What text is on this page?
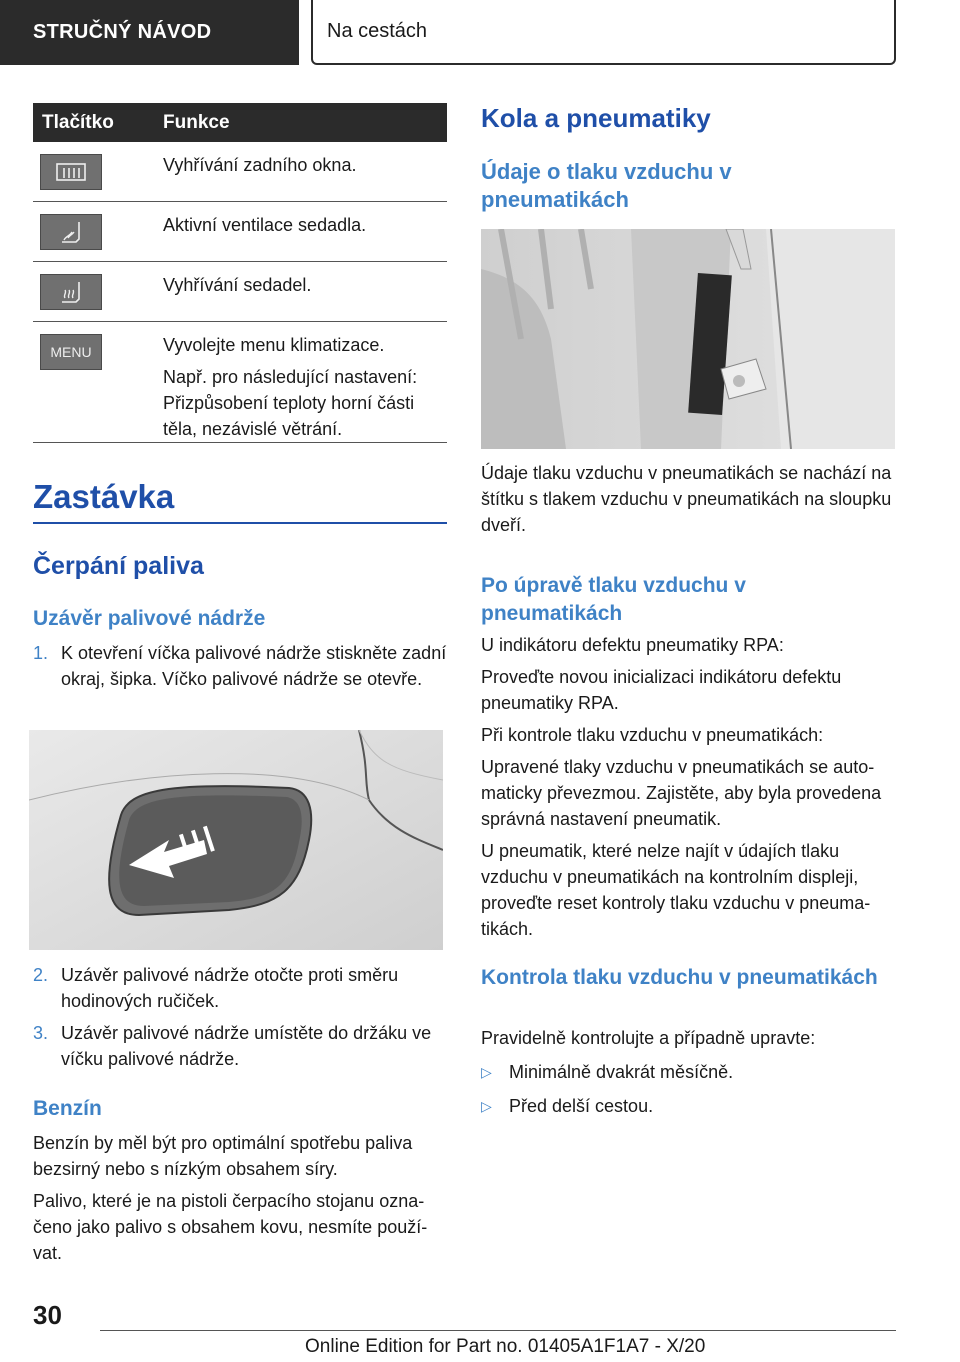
STRUČNÝ NÁVOD	Na cestách
Tlačítko	Funkce

Vyhřívání zadního okna.

Aktivní ventilace sedadla.

Vyhřívání sedadel.

MENU	Vyvolejte menu klimatizace.

Např. pro následující nastavení: Přizpůsobení teploty horní části těla, nezávislé větrání.

Zastávka
Čerpání paliva
Uzávěr palivové nádrže
1. K otevření víčka palivové nádrže stiskněte zadní okraj, šipka. Víčko palivové nádrže se otevře.
2. Uzávěr palivové nádrže otočte proti směru hodinových ručiček.
3. Uzávěr palivové nádrže umístěte do držáku ve víčku palivové nádrže.
Benzín

Benzín by měl být pro optimální spotřebu paliva bezsirný nebo s nízkým obsahem síry.

Palivo, které je na pistoli čerpacího stojanu označeno jako palivo s obsahem kovu, nesmíte používat.

Kola a pneumatiky
Údaje o tlaku vzduchu v pneumatikách
Údaje tlaku vzduchu v pneumatikách se nachází na štítku s tlakem vzduchu v pneumatikách na sloupku dveří.
Po úpravě tlaku vzduchu v pneumatikách

U indikátoru defektu pneumatiky RPA:

Proveďte novou inicializaci indikátoru defektu pneumatiky RPA.

Při kontrole tlaku vzduchu v pneumatikách:

Upravené tlaky vzduchu v pneumatikách se automaticky převezmou. Zajistěte, aby byla provedena správná nastavení pneumatik.

U pneumatik, které nelze najít v údajích tlaku vzduchu v pneumatikách na kontrolním displeji, proveďte reset kontroly tlaku vzduchu v pneumatikách.

Kontrola tlaku vzduchu v pneumatikách

Pravidelně kontrolujte a případně upravte:

▷ Minimálně dvakrát měsíčně.
▷ Před delší cestou.
30
Online Edition for Part no. 01405A1F1A7 - X/20
